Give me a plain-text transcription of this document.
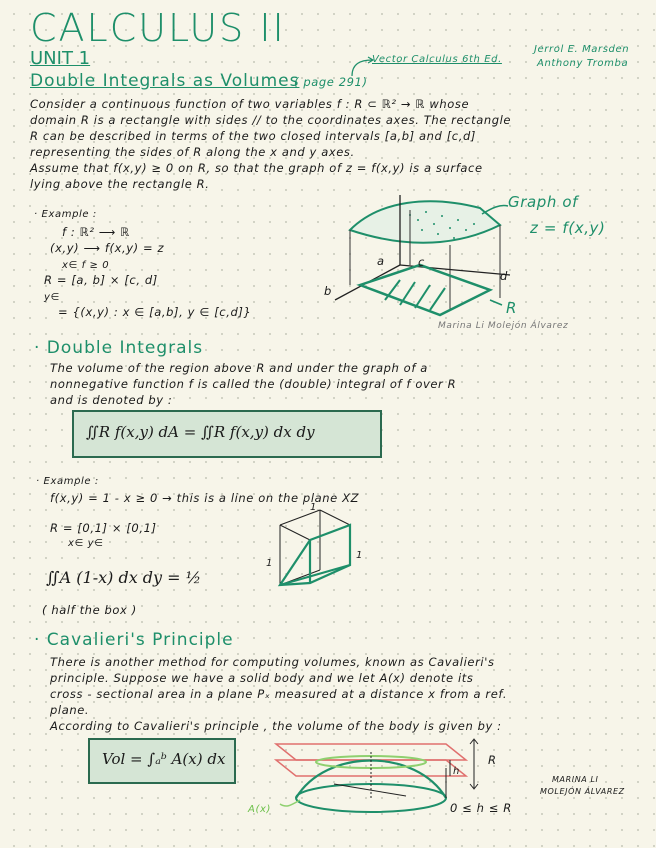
CALCULUS II
UNIT 1	Vector Calculus 6th Ed.
Jerrol E. Marsden
Anthony Tromba
Double Integrals as Volumes
( page 291)
Consider a continuous function of two variables f : R ⊂ ℝ² → ℝ whose
domain R is a rectangle with sides // to the coordinates axes. The rectangle
R can be described in terms of the two closed intervals [a,b] and [c,d]
representing the sides of R along the x and y axes.
Assume that f(x,y) ≥ 0 on R, so that the graph of z = f(x,y) is a surface
lying above the rectangle R.
· Example :
f : ℝ² ⟶ ℝ
(x,y) ⟶ f(x,y) = z
x∈ f ≥ 0
R = [a, b] × [c, d]
y∈
= {(x,y) : x ∈ [a,b], y ∈ [c,d]}
Graph of
z = f(x,y)
a
b
c
d
R
Marina Li Molejón Álvarez
· Double Integrals
The volume of the region above R and under the graph of a
nonnegative function f is called the (double) integral of f over R
and is denoted by :
∬R f(x,y) dA = ∬R f(x,y) dx dy
· Example :
f(x,y) = 1 - x ≥ 0 → this is a line on the plane XZ
R = [0,1] × [0,1]
x∈ y∈
∬A (1-x) dx dy = ½
( half the box )
1
1
1
· Cavalieri's Principle
There is another method for computing volumes, known as Cavalieri's
principle. Suppose we have a solid body and we let A(x) denote its
cross - sectional area in a plane Pₓ measured at a distance x from a ref.
plane.
According to Cavalieri's principle , the volume of the body is given by :
Vol = ∫ₐᵇ A(x) dx	R
h
A(x)	0 ≤ h ≤ R
MARINA LI
MOLEJÓN ÁLVAREZ
